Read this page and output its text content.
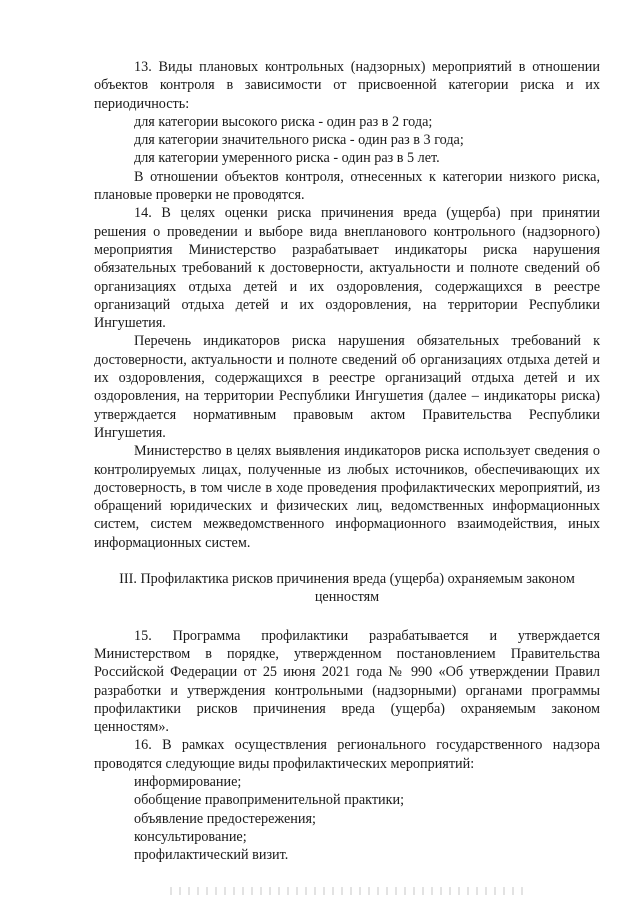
13. Виды плановых контрольных (надзорных) мероприятий в отношении объектов контроля в зависимости от присвоенной категории риска и их периодичность:

для категории высокого риска - один раз в 2 года;

для категории значительного риска - один раз в 3 года;

для категории умеренного риска - один раз в 5 лет.

В отношении объектов контроля, отнесенных к категории низкого риска, плановые проверки не проводятся.

14. В целях оценки риска причинения вреда (ущерба) при принятии решения о проведении и выборе вида внепланового контрольного (надзорного) мероприятия Министерство разрабатывает индикаторы риска нарушения обязательных требований к достоверности, актуальности и полноте сведений об организациях отдыха детей и их оздоровления, содержащихся в реестре организаций отдыха детей и их оздоровления, на территории Республики Ингушетия.

Перечень индикаторов риска нарушения обязательных требований к достоверности, актуальности и полноте сведений об организациях отдыха детей и их оздоровления, содержащихся в реестре организаций отдыха детей и их оздоровления, на территории Республики Ингушетия (далее – индикаторы риска) утверждается нормативным правовым актом Правительства Республики Ингушетия.

Министерство в целях выявления индикаторов риска использует сведения о контролируемых лицах, полученные из любых источников, обеспечивающих их достоверность, в том числе в ходе проведения профилактических мероприятий, из обращений юридических и физических лиц, ведомственных информационных систем, систем межведомственного информационного взаимодействия, иных информационных систем.

III. Профилактика рисков причинения вреда (ущерба) охраняемым законом ценностям

15. Программа профилактики разрабатывается и утверждается Министерством в порядке, утвержденном постановлением Правительства Российской Федерации от 25 июня 2021 года № 990 «Об утверждении Правил разработки и утверждения контрольными (надзорными) органами программы профилактики рисков причинения вреда (ущерба) охраняемым законом ценностям».

16. В рамках осуществления регионального государственного надзора проводятся следующие виды профилактических мероприятий:

информирование;

обобщение правоприменительной практики;

объявление предостережения;

консультирование;

профилактический визит.
